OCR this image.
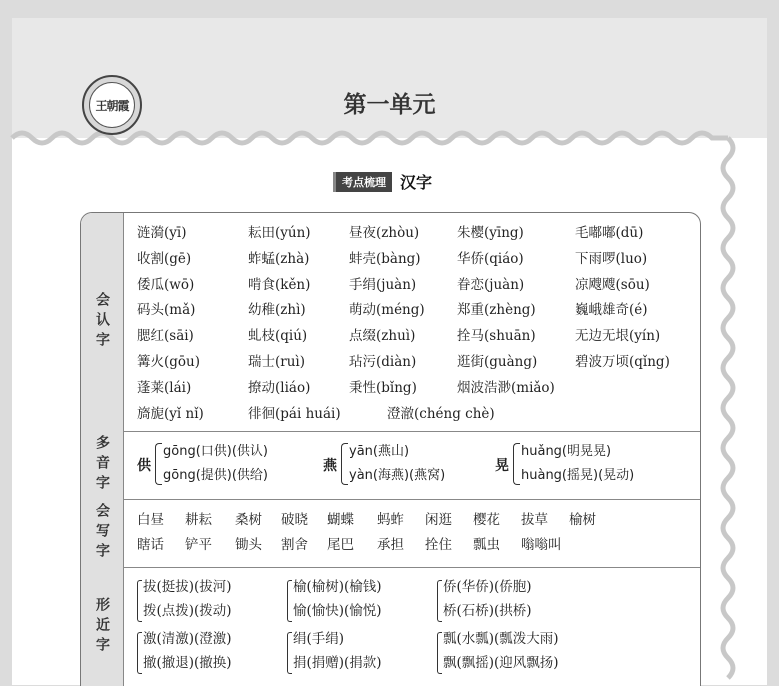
王朝霞	第一单元
考点梳理 汉字
会认字
涟漪(yī)	耘田(yún)	昼夜(zhòu)	朱樱(yīng)	毛嘟嘟(dū)
收割(gē)	蚱蜢(zhà)	蚌壳(bàng)	华侨(qiáo)	下雨啰(luo)
倭瓜(wō)	啃食(kěn)	手绢(juàn)	眷恋(juàn)	凉飕飕(sōu)
码头(mǎ)	幼稚(zhì)	萌动(méng) 郑重(zhèng)	巍峨雄奇(é)
腮红(sāi)	虬枝(qiú)	点缀(zhuì)	拴马(shuān)	无边无垠(yín)
篝火(gōu)	瑞士(ruì)	玷污(diàn)	逛街(guàng)	碧波万顷(qǐng)
蓬莱(lái)	撩动(liáo)	秉性(bǐng)	烟波浩渺(miǎo)
旖旎(yǐ nǐ)	徘徊(pái huái)	澄澈(chéng chè)
多音字 供
gōng(口供)(供认)
gōng(提供)(供给)
燕
yān(燕山)
yàn(海燕)(燕窝)
晃
huǎng(明晃晃)
huàng(摇晃)(晃动)
会写字 白昼 耕耘 桑树 破晓 蝴蝶 蚂蚱 闲逛 樱花 拔草 榆树
瞎话 铲平 锄头 割舍 尾巴 承担 拴住 瓢虫 嗡嗡叫
形近字
拔(挺拔)(拔河)
拨(点拨)(拨动)
榆(榆树)(榆钱)
愉(愉快)(愉悦)
侨(华侨)(侨胞)
桥(石桥)(拱桥)
激(清激)(澄激)
撤(撤退)(撤换)
绢(手绢)
捐(捐赠)(捐款)
瓢(水瓢)(瓢泼大雨)
飘(飘摇)(迎风飘扬)
